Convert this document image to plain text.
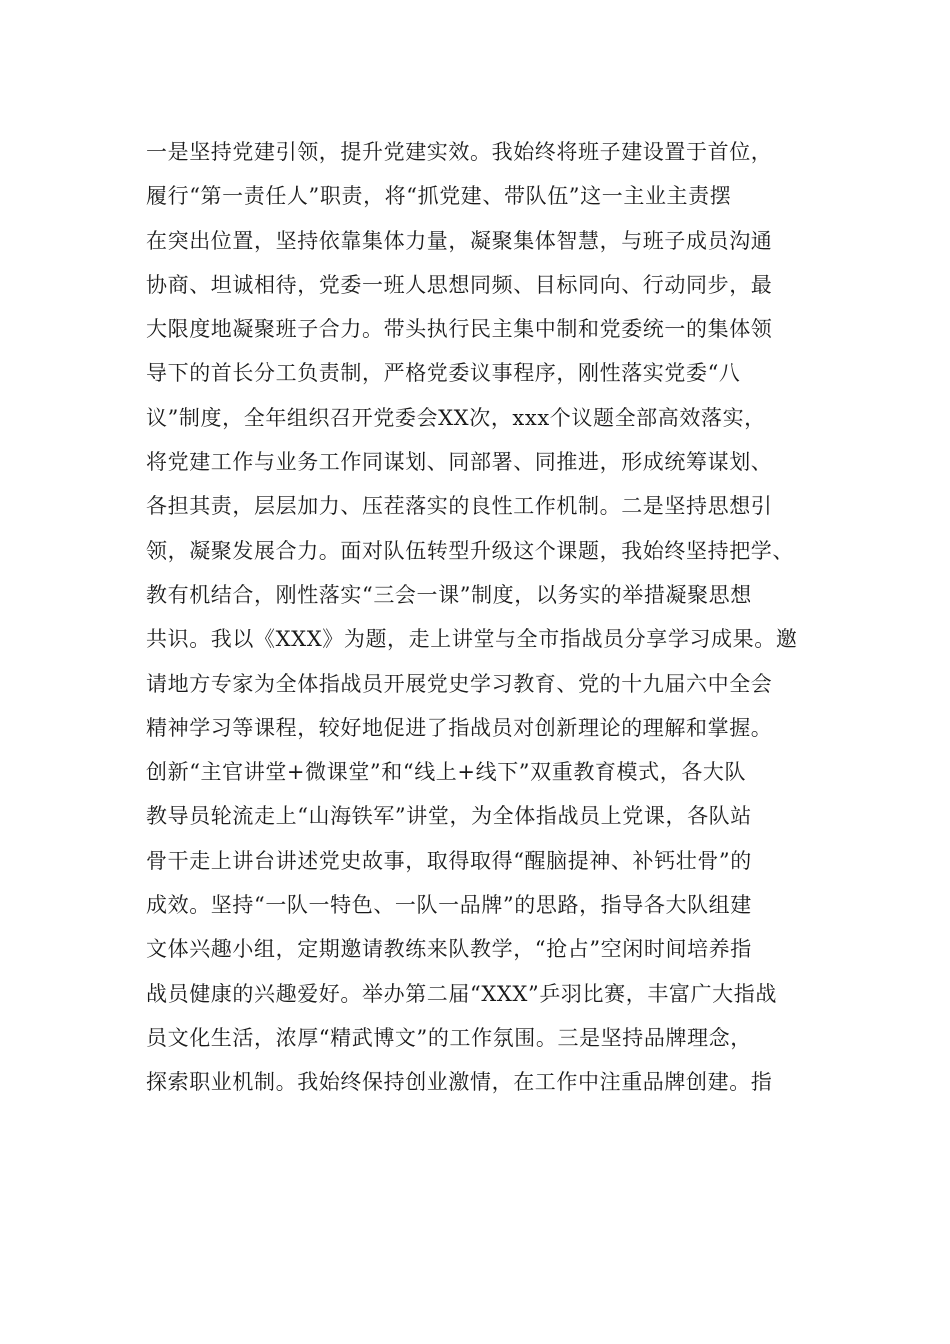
一是坚持党建引领，提升党建实效。我始终将班子建设置于首位，
履行“第一责任人”职责，将“抓党建、带队伍”这一主业主责摆
在突出位置，坚持依靠集体力量，凝聚集体智慧，与班子成员沟通
协商、坦诚相待，党委一班人思想同频、目标同向、行动同步，最
大限度地凝聚班子合力。带头执行民主集中制和党委统一的集体领
导下的首长分工负责制，严格党委议事程序，刚性落实党委“八
议”制度，全年组织召开党委会XX次，xxx个议题全部高效落实，
将党建工作与业务工作同谋划、同部署、同推进，形成统筹谋划、
各担其责，层层加力、压茬落实的良性工作机制。二是坚持思想引
领，凝聚发展合力。面对队伍转型升级这个课题，我始终坚持把学、
教有机结合，刚性落实“三会一课”制度，以务实的举措凝聚思想
共识。我以《XXX》为题，走上讲堂与全市指战员分享学习成果。邀
请地方专家为全体指战员开展党史学习教育、党的十九届六中全会
精神学习等课程，较好地促进了指战员对创新理论的理解和掌握。
创新“主官讲堂+微课堂”和“线上+线下”双重教育模式，各大队
教导员轮流走上“山海铁军”讲堂，为全体指战员上党课，各队站
骨干走上讲台讲述党史故事，取得取得“醒脑提神、补钙壮骨”的
成效。坚持“一队一特色、一队一品牌”的思路，指导各大队组建
文体兴趣小组，定期邀请教练来队教学，“抢占”空闲时间培养指
战员健康的兴趣爱好。举办第二届“XXX”乒羽比赛，丰富广大指战
员文化生活，浓厚“精武博文”的工作氛围。三是坚持品牌理念，
探索职业机制。我始终保持创业激情，在工作中注重品牌创建。指
